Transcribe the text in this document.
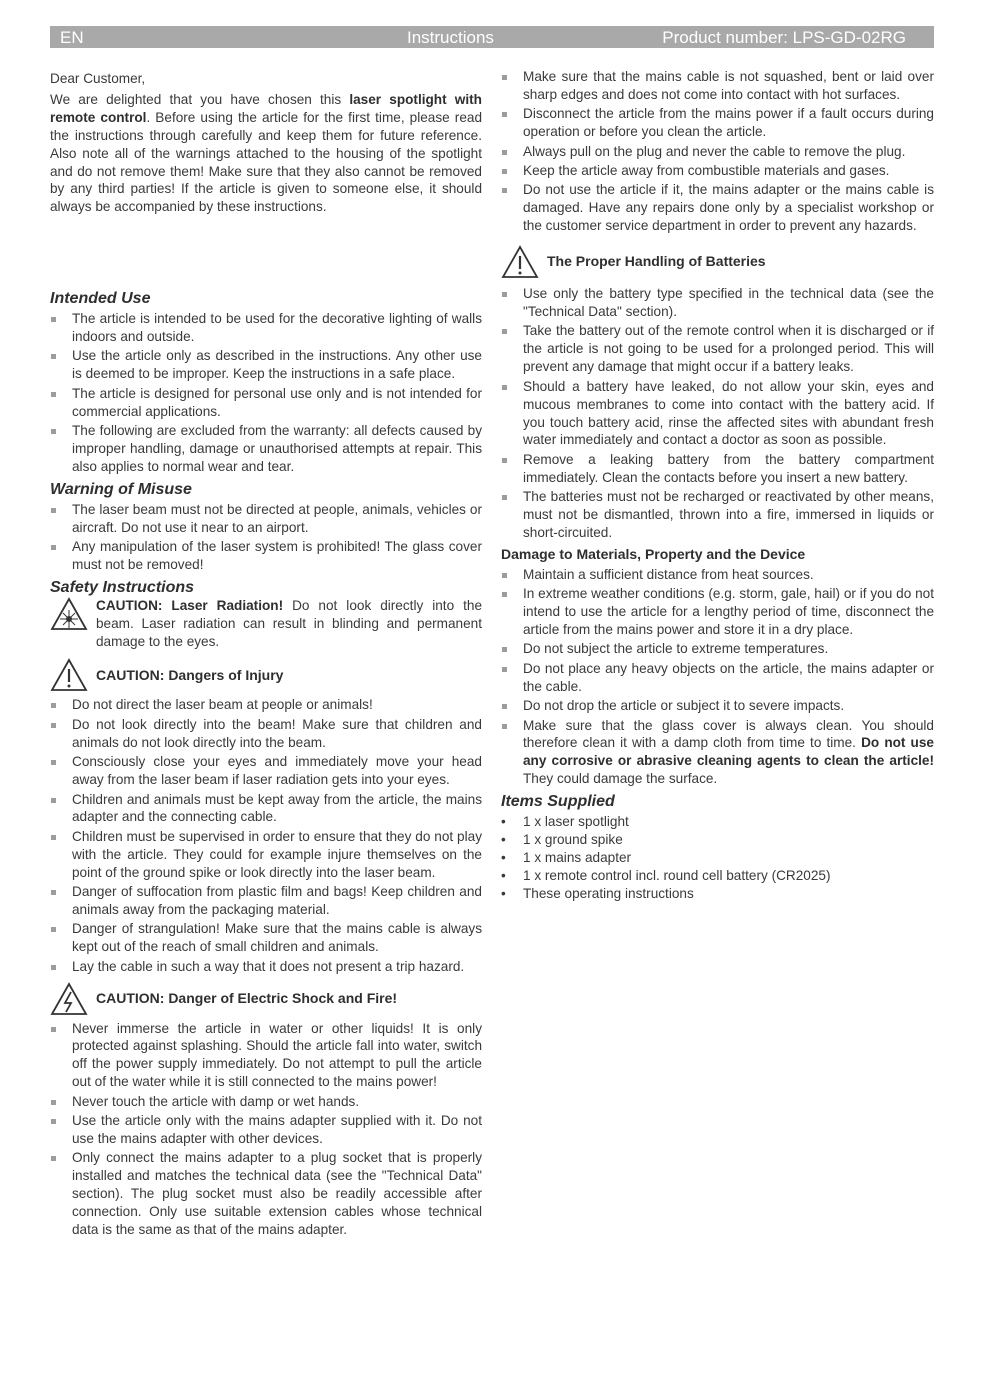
EN	Instructions	Product number: LPS-GD-02RG

Dear Customer,

We are delighted that you have chosen this laser spotlight with remote control. Before using the article for the first time, please read the instructions through carefully and keep them for future reference. Also note all of the warnings attached to the housing of the spotlight and do not remove them! Make sure that they also cannot be removed by any third parties! If the article is given to someone else, it should always be accompanied by these instructions.

Intended Use
The article is intended to be used for the decorative lighting of walls indoors and outside.
Use the article only as described in the instructions. Any other use is deemed to be improper. Keep the instructions in a safe place.
The article is designed for personal use only and is not intended for commercial applications.
The following are excluded from the warranty: all defects caused by improper handling, damage or unauthorised attempts at repair. This also applies to normal wear and tear.
Warning of Misuse
The laser beam must not be directed at people, animals, vehicles or aircraft. Do not use it near to an airport.
Any manipulation of the laser system is prohibited! The glass cover must not be removed!
Safety Instructions

CAUTION: Laser Radiation! Do not look directly into the beam. Laser radiation can result in blinding and permanent damage to the eyes.

CAUTION: Dangers of Injury
Do not direct the laser beam at people or animals!
Do not look directly into the beam! Make sure that children and animals do not look directly into the beam.
Consciously close your eyes and immediately move your head away from the laser beam if laser radiation gets into your eyes.
Children and animals must be kept away from the article, the mains adapter and the connecting cable.
Children must be supervised in order to ensure that they do not play with the article. They could for example injure themselves on the point of the ground spike or look directly into the laser beam.
Danger of suffocation from plastic film and bags! Keep children and animals away from the packaging material.
Danger of strangulation! Make sure that the mains cable is always kept out of the reach of small children and animals.
Lay the cable in such a way that it does not present a trip hazard.
CAUTION: Danger of Electric Shock and Fire!
Never immerse the article in water or other liquids! It is only protected against splashing. Should the article fall into water, switch off the power supply immediately. Do not attempt to pull the article out of the water while it is still connected to the mains power!
Never touch the article with damp or wet hands.
Use the article only with the mains adapter supplied with it. Do not use the mains adapter with other devices.
Only connect the mains adapter to a plug socket that is properly installed and matches the technical data (see the "Technical Data" section). The plug socket must also be readily accessible after connection. Only use suitable extension cables whose technical data is the same as that of the mains adapter.
Make sure that the mains cable is not squashed, bent or laid over sharp edges and does not come into contact with hot surfaces.
Disconnect the article from the mains power if a fault occurs during operation or before you clean the article.
Always pull on the plug and never the cable to remove the plug.
Keep the article away from combustible materials and gases.
Do not use the article if it, the mains adapter or the mains cable is damaged. Have any repairs done only by a specialist workshop or the customer service department in order to prevent any hazards.
The Proper Handling of Batteries
Use only the battery type specified in the technical data (see the "Technical Data" section).
Take the battery out of the remote control when it is discharged or if the article is not going to be used for a prolonged period. This will prevent any damage that might occur if a battery leaks.
Should a battery have leaked, do not allow your skin, eyes and mucous membranes to come into contact with the battery acid. If you touch battery acid, rinse the affected sites with abundant fresh water immediately and contact a doctor as soon as possible.
Remove a leaking battery from the battery compartment immediately. Clean the contacts before you insert a new battery.
The batteries must not be recharged or reactivated by other means, must not be dismantled, thrown into a fire, immersed in liquids or short-circuited.
Damage to Materials, Property and the Device
Maintain a sufficient distance from heat sources.
In extreme weather conditions (e.g. storm, gale, hail) or if you do not intend to use the article for a lengthy period of time, disconnect the article from the mains power and store it in a dry place.
Do not subject the article to extreme temperatures.
Do not place any heavy objects on the article, the mains adapter or the cable.
Do not drop the article or subject it to severe impacts.
Make sure that the glass cover is always clean. You should therefore clean it with a damp cloth from time to time. Do not use any corrosive or abrasive cleaning agents to clean the article! They could damage the surface.
Items Supplied
• 1 x laser spotlight
• 1 x ground spike
• 1 x mains adapter
• 1 x remote control incl. round cell battery (CR2025)
• These operating instructions
